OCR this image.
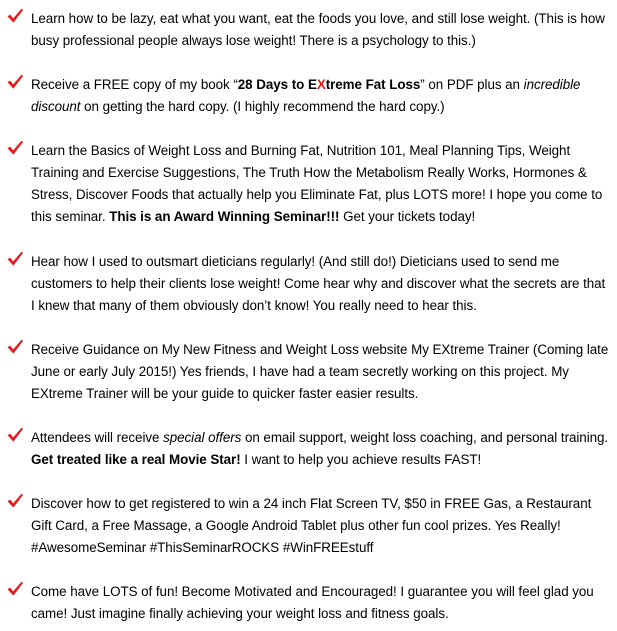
Learn how to be lazy, eat what you want, eat the foods you love, and still lose weight. (This is how busy professional people always lose weight! There is a psychology to this.)
Receive a FREE copy of my book “28 Days to EXtreme Fat Loss” on PDF plus an incredible discount on getting the hard copy. (I highly recommend the hard copy.)
Learn the Basics of Weight Loss and Burning Fat, Nutrition 101, Meal Planning Tips, Weight Training and Exercise Suggestions, The Truth How the Metabolism Really Works, Hormones & Stress, Discover Foods that actually help you Eliminate Fat, plus LOTS more! I hope you come to this seminar. This is an Award Winning Seminar!!! Get your tickets today!
Hear how I used to outsmart dieticians regularly! (And still do!) Dieticians used to send me customers to help their clients lose weight! Come hear why and discover what the secrets are that I knew that many of them obviously don’t know! You really need to hear this.
Receive Guidance on My New Fitness and Weight Loss website My EXtreme Trainer (Coming late June or early July 2015!) Yes friends, I have had a team secretly working on this project. My EXtreme Trainer will be your guide to quicker faster easier results.
Attendees will receive special offers on email support, weight loss coaching, and personal training. Get treated like a real Movie Star! I want to help you achieve results FAST!
Discover how to get registered to win a 24 inch Flat Screen TV, $50 in FREE Gas, a Restaurant Gift Card, a Free Massage, a Google Android Tablet plus other fun cool prizes. Yes Really! #AwesomeSeminar #ThisSeminarROCKS #WinFREEstuff
Come have LOTS of fun! Become Motivated and Encouraged! I guarantee you will feel glad you came! Just imagine finally achieving your weight loss and fitness goals.
